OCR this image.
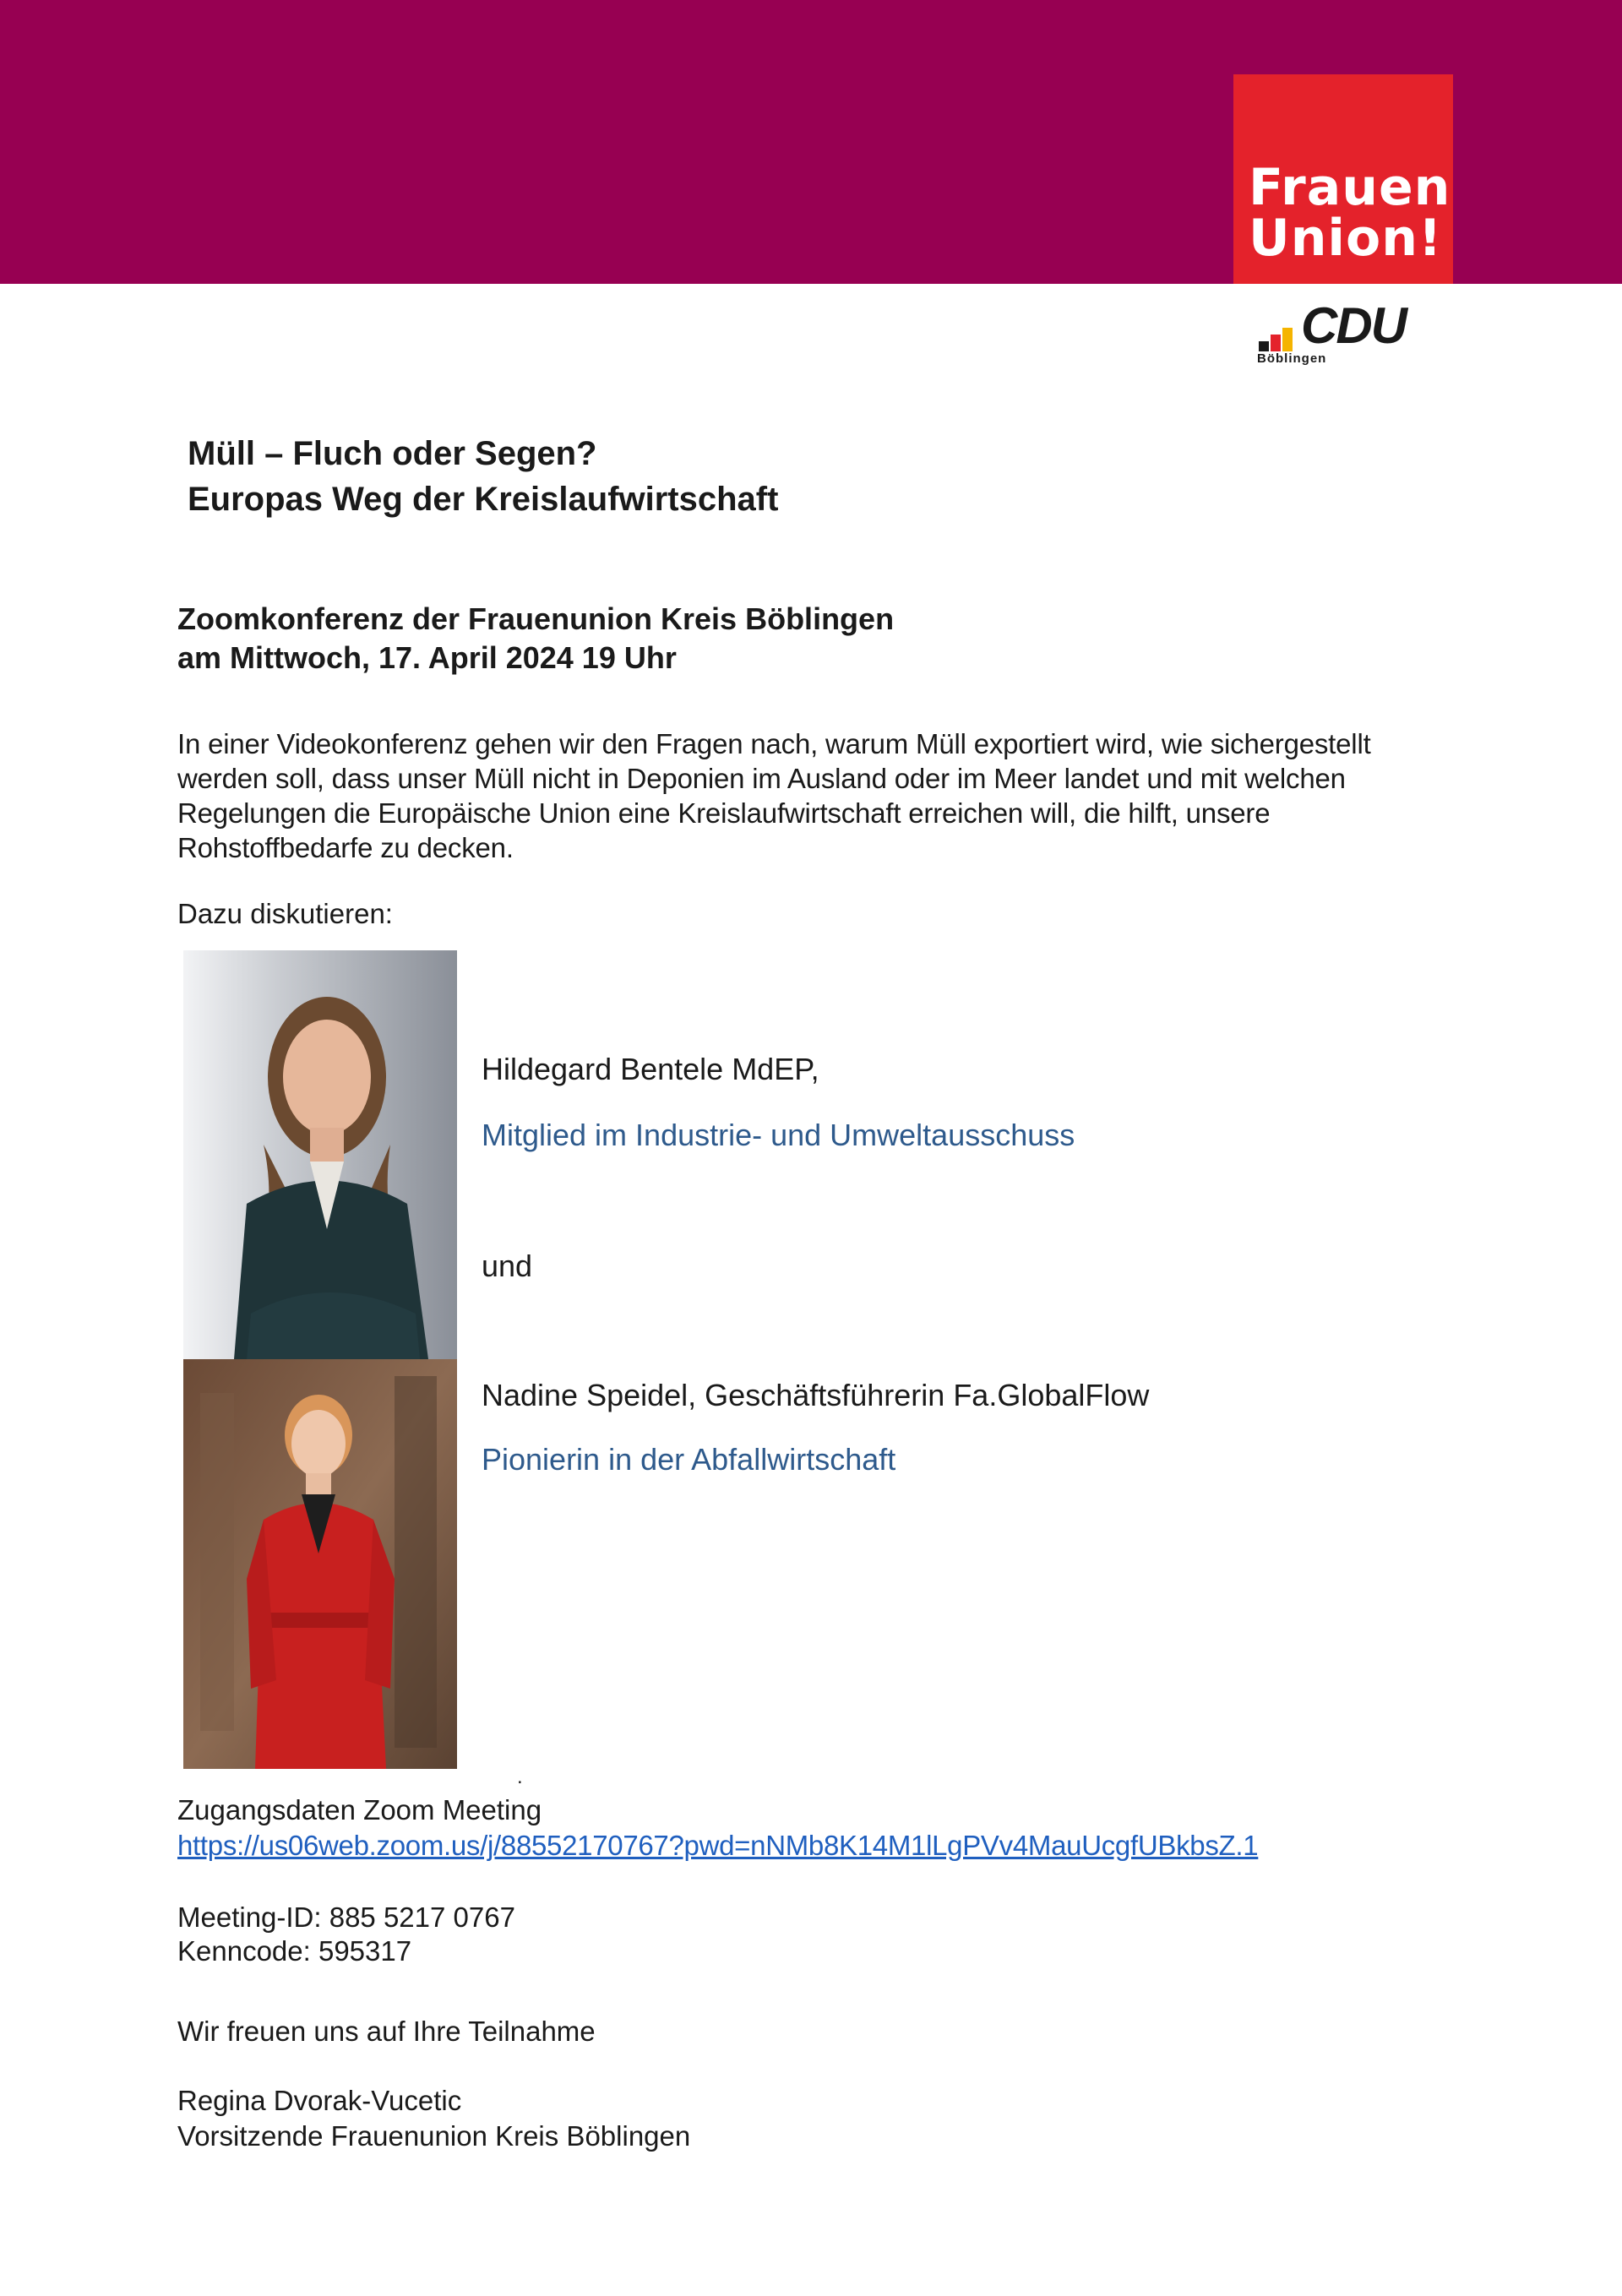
Frauen
Union!
CDU
Böblingen
Müll – Fluch oder Segen?
Europas Weg der Kreislaufwirtschaft
Zoomkonferenz der Frauenunion Kreis Böblingen
am Mittwoch, 17. April 2024 19 Uhr
In einer Videokonferenz gehen wir den Fragen nach, warum Müll exportiert wird, wie sichergestellt
werden soll, dass unser Müll nicht in Deponien im Ausland oder im Meer landet und mit welchen
Regelungen die Europäische Union eine Kreislaufwirtschaft erreichen will, die hilft, unsere
Rohstoffbedarfe zu decken.
Dazu diskutieren:
Hildegard Bentele MdEP,
Mitglied im Industrie- und Umweltausschuss
und
Nadine Speidel, Geschäftsführerin Fa.GlobalFlow
Pionierin in der Abfallwirtschaft
.
Zugangsdaten Zoom Meeting
https://us06web.zoom.us/j/88552170767?pwd=nNMb8K14M1lLgPVv4MauUcgfUBkbsZ.1
Meeting-ID: 885 5217 0767
Kenncode: 595317
Wir freuen uns auf Ihre Teilnahme
Regina Dvorak-Vucetic
Vorsitzende Frauenunion Kreis Böblingen
